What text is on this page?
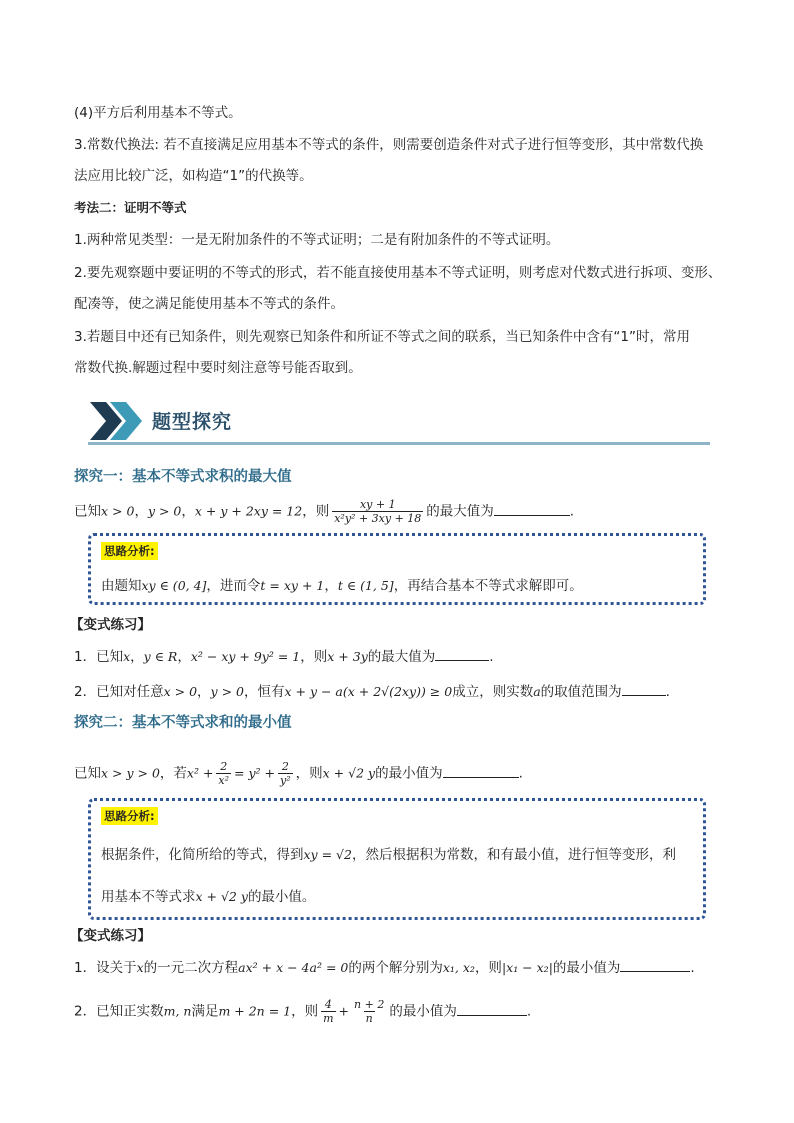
(4)平方后利用基本不等式。
3.常数代换法: 若不直接满足应用基本不等式的条件，则需要创造条件对式子进行恒等变形，其中常数代换
法应用比较广泛，如构造“1”的代换等。
考法二：证明不等式
1.两种常见类型：一是无附加条件的不等式证明；二是有附加条件的不等式证明。
2.要先观察题中要证明的不等式的形式，若不能直接使用基本不等式证明，则考虑对代数式进行拆项、变形、
配凑等，使之满足能使用基本不等式的条件。
3.若题目中还有已知条件，则先观察已知条件和所证不等式之间的联系，当已知条件中含有“1”时，常用
常数代换.解题过程中要时刻注意等号能否取到。
题型探究
探究一：基本不等式求积的最大值
已知x > 0，y > 0，x + y + 2xy = 12，则 $\frac{xy + 1}{\text{x²y² + 3xy + 18}}$ 的最大值为	.
思路分析:
由题知xy ∈ (0, 4]，进而令t = xy + 1，t ∈ (1, 5]，再结合基本不等式求解即可。
【变式练习】
1．已知x，y ∈ R，x² − xy + 9y² = 1，则x + 3y的最大值为	.
2．已知对任意x > 0，y > 0，恒有x + y − a(x + 2√(2xy)) ≥ 0成立，则实数a的取值范围为	.
探究二：基本不等式求和的最小值
已知x > y > 0，若$x^2 + \frac{2}{\text{x²}} = y^2 + \frac{2}{\text{y²}}$ ，则x + √2 y的最小值为	.
思路分析:
根据条件，化简所给的等式，得到xy = √2，然后根据积为常数，和有最小值，进行恒等变形，利
用基本不等式求x + √2 y的最小值。
【变式练习】
1．设关于x的一元二次方程ax² + x − 4a² = 0的两个解分别为x₁, x₂，则|x₁ − x₂|的最小值为	.
2．已知正实数m, n满足m + 2n = 1，则 $\frac{4}{m} + \frac{n + 2}{n}$ 的最小值为	.
